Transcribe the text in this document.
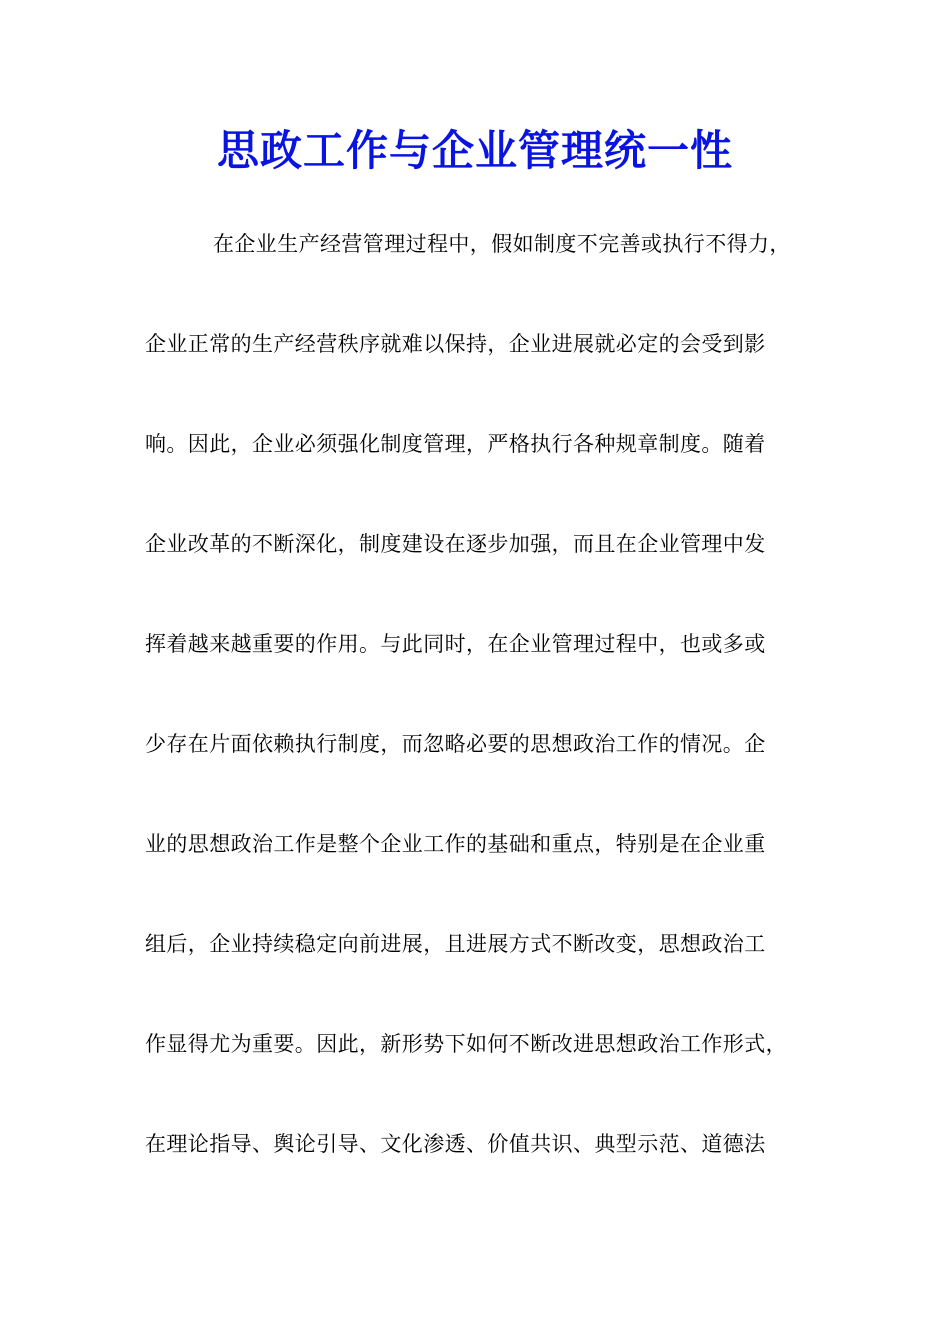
思政工作与企业管理统一性
在企业生产经营管理过程中，假如制度不完善或执行不得力，
企业正常的生产经营秩序就难以保持，企业进展就必定的会受到影
响。因此，企业必须强化制度管理，严格执行各种规章制度。随着
企业改革的不断深化，制度建设在逐步加强，而且在企业管理中发
挥着越来越重要的作用。与此同时，在企业管理过程中，也或多或
少存在片面依赖执行制度，而忽略必要的思想政治工作的情况。企
业的思想政治工作是整个企业工作的基础和重点，特别是在企业重
组后，企业持续稳定向前进展，且进展方式不断改变，思想政治工
作显得尤为重要。因此，新形势下如何不断改进思想政治工作形式，
在理论指导、舆论引导、文化渗透、价值共识、典型示范、道德法
